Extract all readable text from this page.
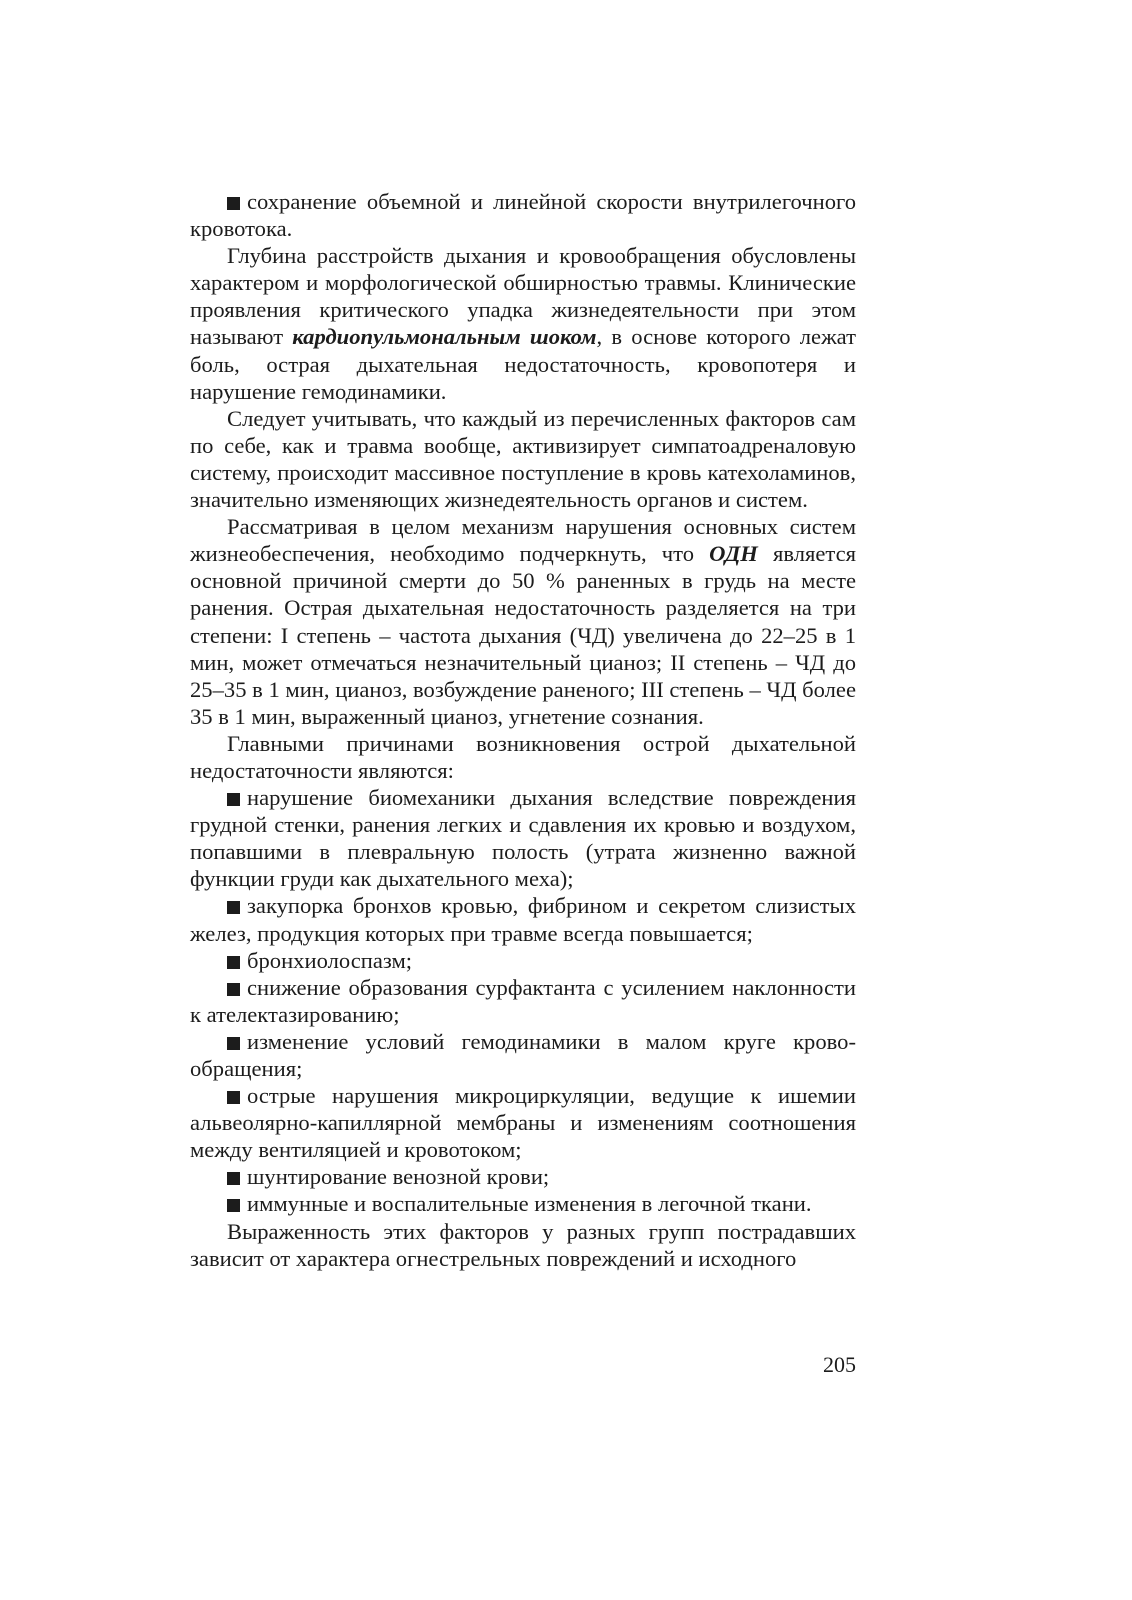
сохранение объемной и линейной скорости внутрилегочного кровотока.

Глубина расстройств дыхания и кровообращения обусловлены характером и морфологической обширностью травмы. Клинические проявления критического упадка жизнедеятельности при этом называют кардиопульмональным шоком, в основе которого лежат боль, острая дыхательная недостаточность, кровопотеря и нарушение гемодинамики.

Следует учитывать, что каждый из перечисленных факторов сам по себе, как и травма вообще, активизирует симпатоадреналовую систему, происходит массивное поступление в кровь катехоламинов, значительно изменяющих жизнедеятельность органов и систем.

Рассматривая в целом механизм нарушения основных систем жизнеобеспечения, необходимо подчеркнуть, что ОДН является основной причиной смерти до 50 % раненных в грудь на месте ранения. Острая дыхательная недостаточность разделяется на три степени: I степень – частота дыхания (ЧД) увеличена до 22–25 в 1 мин, может отмечаться незначительный цианоз; II степень – ЧД до 25–35 в 1 мин, цианоз, возбуждение раненого; III степень – ЧД более 35 в 1 мин, выраженный цианоз, угнетение сознания.

Главными причинами возникновения острой дыхательной недостаточности являются:

нарушение биомеханики дыхания вследствие повреждения грудной стенки, ранения легких и сдавления их кровью и воздухом, попавшими в плевральную полость (утрата жизненно важной функции груди как дыхательного меха);

закупорка бронхов кровью, фибрином и секретом слизистых желез, продукция которых при травме всегда повышается;

бронхиолоспазм;

снижение образования сурфактанта с усилением наклонности к ателектазированию;

изменение условий гемодинамики в малом круге кровообращения;

острые нарушения микроциркуляции, ведущие к ишемии альвеолярно-капиллярной мембраны и изменениям соотношения между вентиляцией и кровотоком;

шунтирование венозной крови;

иммунные и воспалительные изменения в легочной ткани.

Выраженность этих факторов у разных групп пострадавших зависит от характера огнестрельных повреждений и исходного

205
